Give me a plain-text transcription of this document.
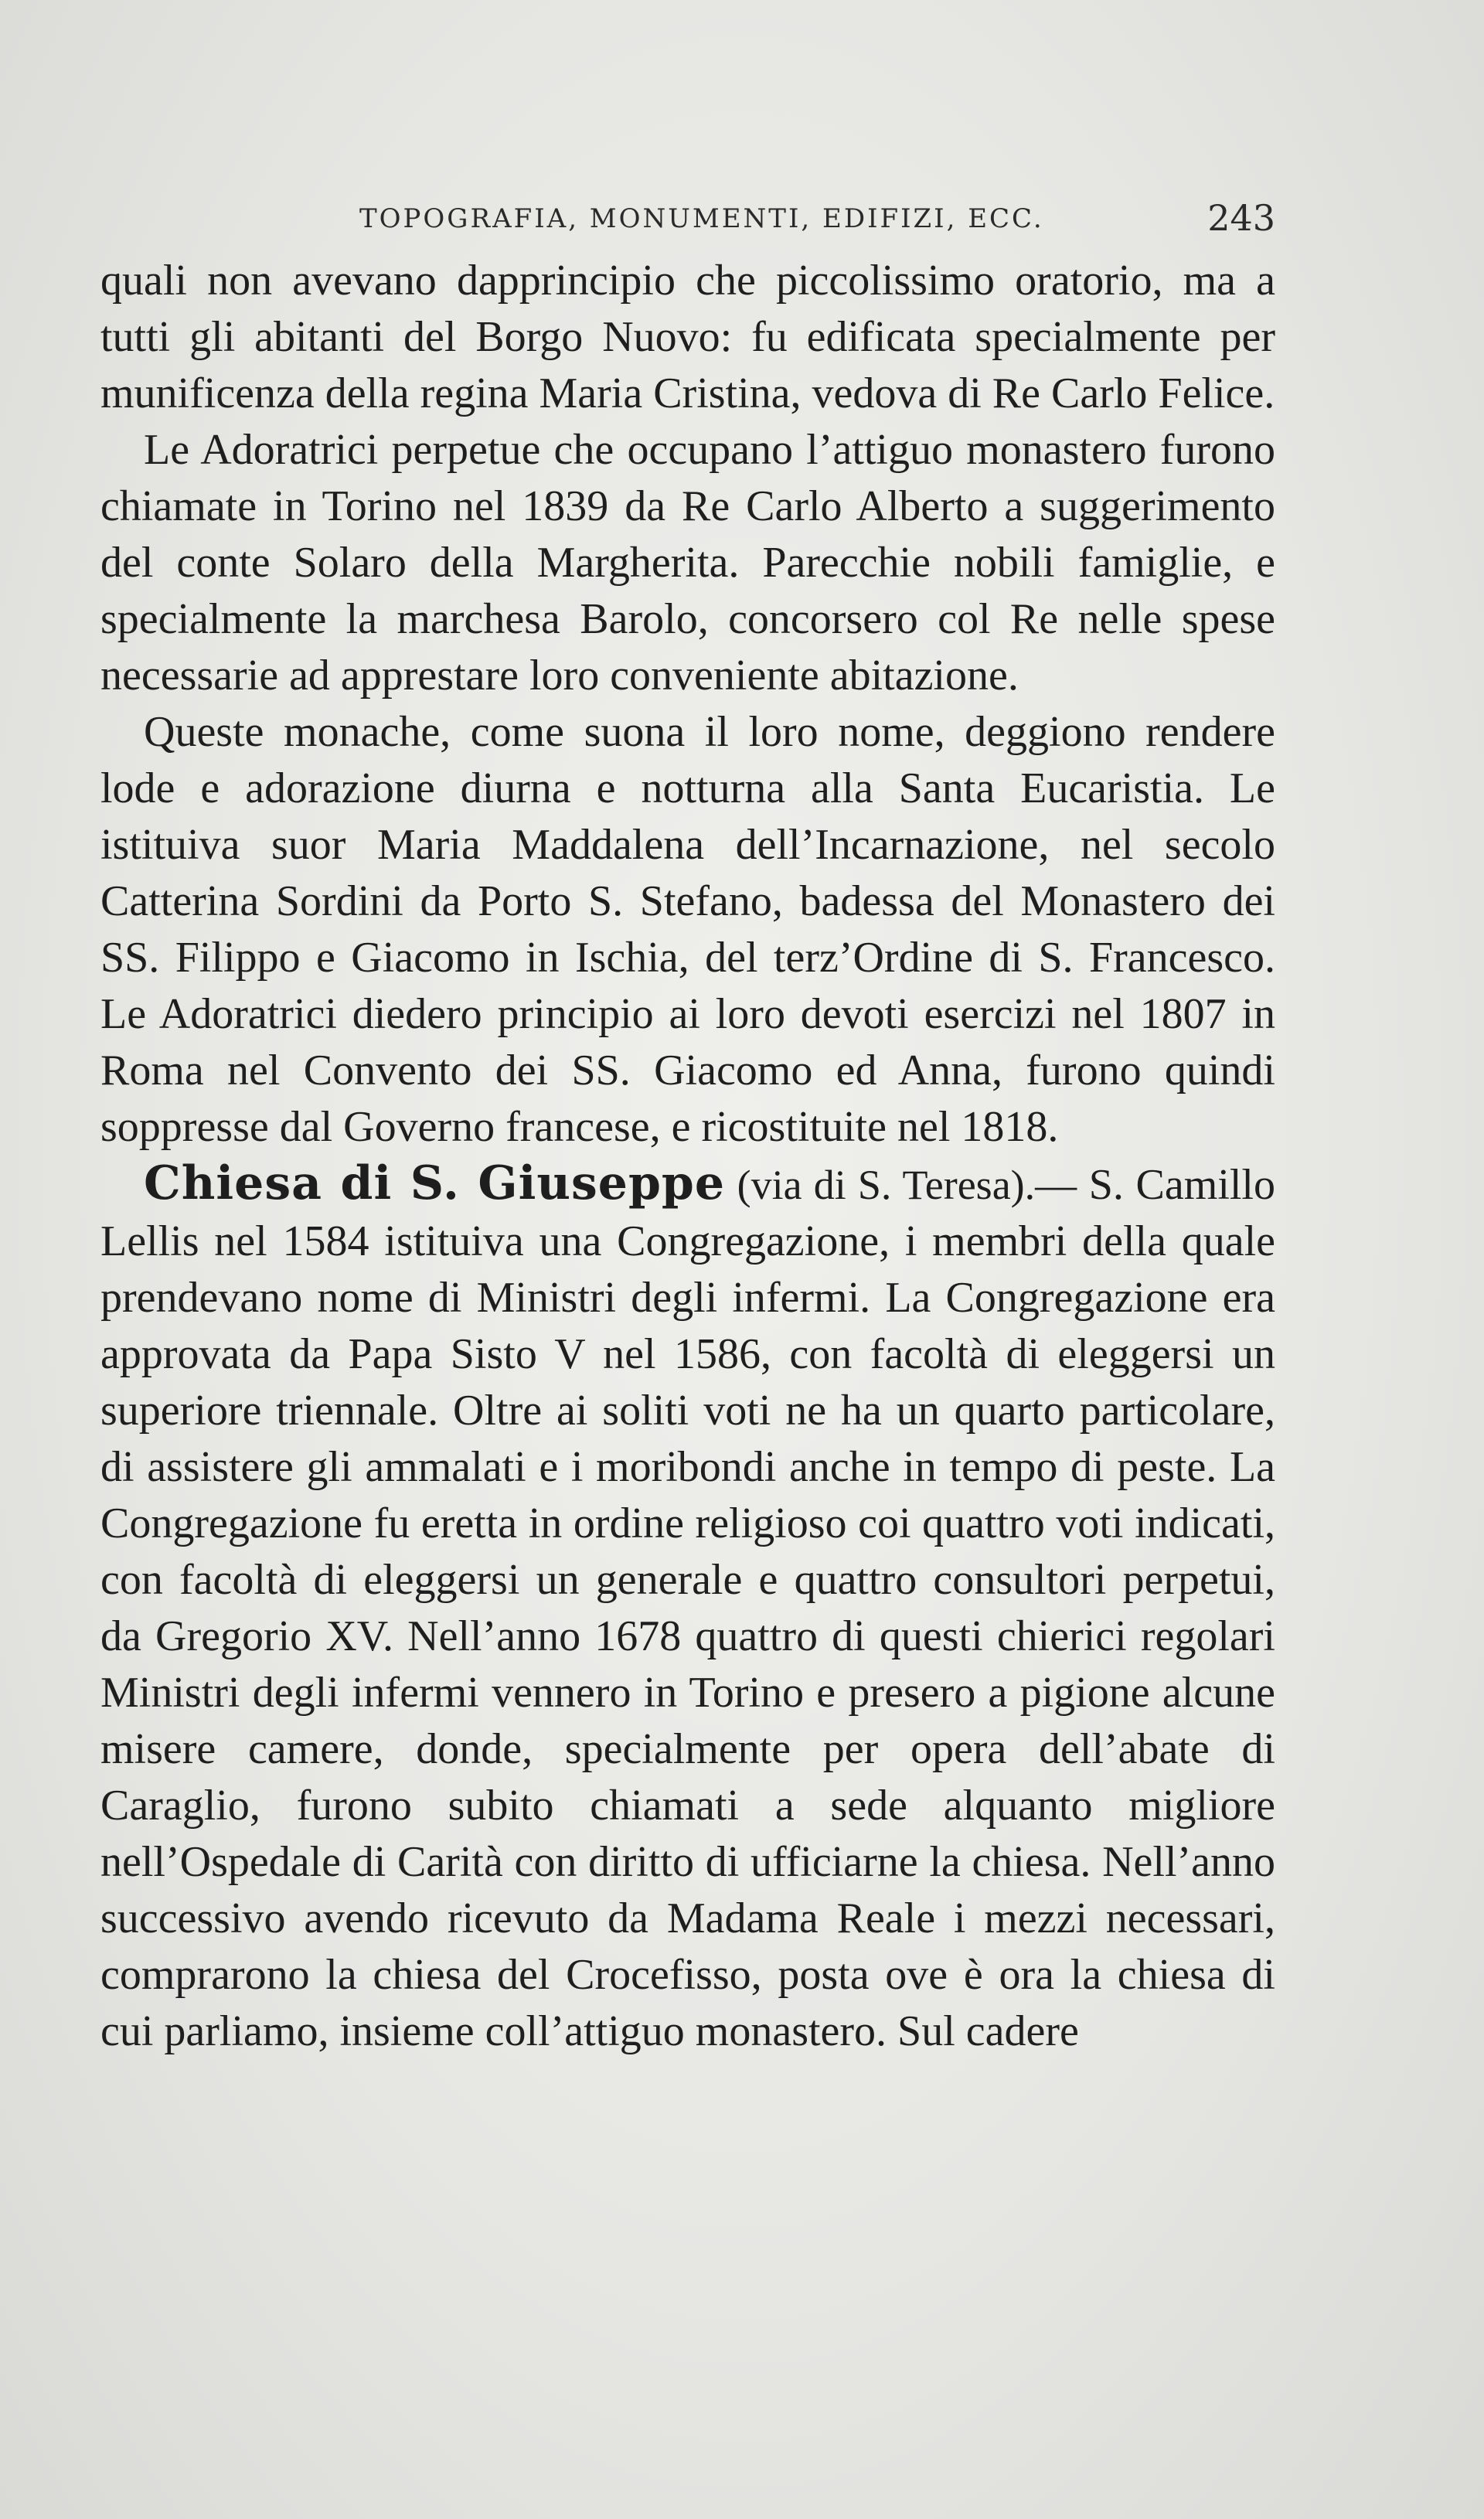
TOPOGRAFIA, MONUMENTI, EDIFIZI, ECC.	243

quali non avevano dapprincipio che piccolissimo oratorio, ma a tutti gli abitanti del Borgo Nuovo: fu edificata specialmente per munificenza della regina Maria Cristina, vedova di Re Carlo Felice.

Le Adoratrici perpetue che occupano l’attiguo monastero furono chiamate in Torino nel 1839 da Re Carlo Alberto a suggerimento del conte Solaro della Margherita. Parecchie nobili famiglie, e specialmente la marchesa Barolo, concorsero col Re nelle spese necessarie ad apprestare loro conveniente abitazione.

Queste monache, come suona il loro nome, deggiono rendere lode e adorazione diurna e notturna alla Santa Eucaristia. Le istituiva suor Maria Maddalena dell’Incarnazione, nel secolo Catterina Sordini da Porto S. Stefano, badessa del Monastero dei SS. Filippo e Giacomo in Ischia, del terz’Ordine di S. Francesco. Le Adoratrici diedero principio ai loro devoti esercizi nel 1807 in Roma nel Convento dei SS. Giacomo ed Anna, furono quindi soppresse dal Governo francese, e ricostituite nel 1818.

Chiesa di S. Giuseppe (via di S. Teresa).— S. Camillo Lellis nel 1584 istituiva una Congregazione, i membri della quale prendevano nome di Ministri degli infermi. La Congregazione era approvata da Papa Sisto V nel 1586, con facoltà di eleggersi un superiore triennale. Oltre ai soliti voti ne ha un quarto particolare, di assistere gli ammalati e i moribondi anche in tempo di peste. La Congregazione fu eretta in ordine religioso coi quattro voti indicati, con facoltà di eleggersi un generale e quattro consultori perpetui, da Gregorio XV. Nell’anno 1678 quattro di questi chierici regolari Ministri degli infermi vennero in Torino e presero a pigione alcune misere camere, donde, specialmente per opera dell’abate di Caraglio, furono subito chiamati a sede alquanto migliore nell’Ospedale di Carità con diritto di ufficiarne la chiesa. Nell’anno successivo avendo ricevuto da Madama Reale i mezzi necessari, comprarono la chiesa del Crocefisso, posta ove è ora la chiesa di cui parliamo, insieme coll’attiguo monastero. Sul cadere
